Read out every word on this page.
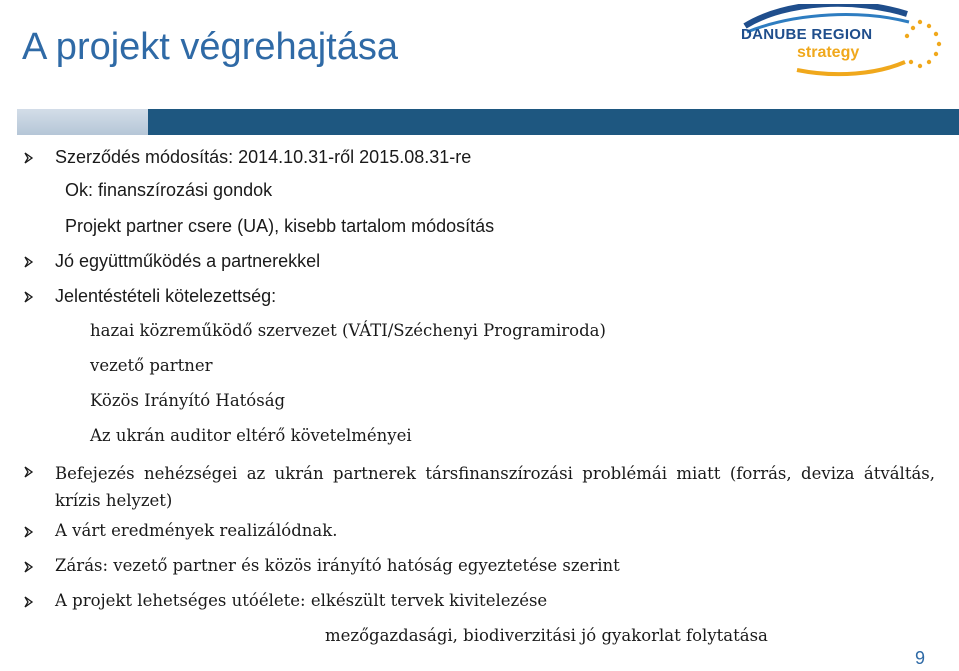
A projekt végrehajtása	DANUBE REGION
strategy
Szerződés módosítás: 2014.10.31-ről 2015.08.31-re
Ok: finanszírozási gondok
Projekt partner csere (UA), kisebb tartalom módosítás
Jó együttműködés a partnerekkel
Jelentéstételi kötelezettség:
hazai közreműködő szervezet (VÁTI/Széchenyi Programiroda)
vezető partner
Közös Irányító Hatóság
Az ukrán auditor eltérő követelményei
Befejezés nehézségei az ukrán partnerek társfinanszírozási problémái miatt (forrás, deviza átváltás, krízis helyzet)
A várt eredmények realizálódnak.
Zárás: vezető partner és közös irányító hatóság egyeztetése szerint
A projekt lehetséges utóélete: elkészült tervek kivitelezése
mezőgazdasági, biodiverzitási jó gyakorlat folytatása
9
